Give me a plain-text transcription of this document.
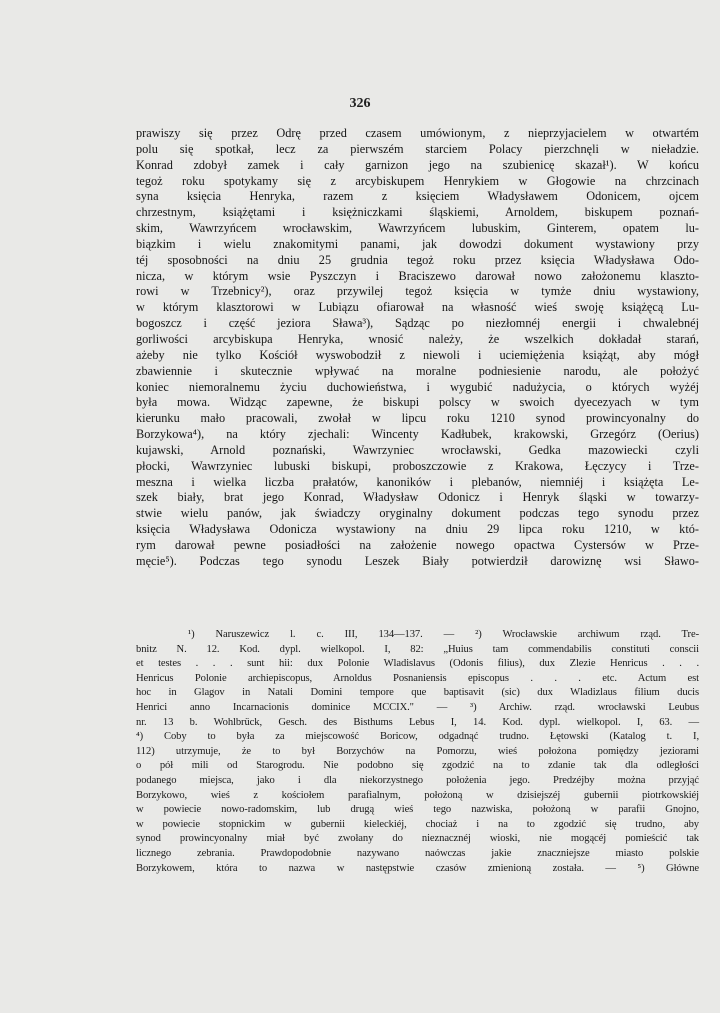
326
prawiszy się przez Odrę przed czasem umówionym, z nieprzyjacielem w otwartém
polu się spotkał, lecz za pierwszém starciem Polacy pierzchnęli w nieładzie.
Konrad zdobył zamek i cały garnizon jego na szubienicę skazał¹). W końcu
tegoż roku spotykamy się z arcybiskupem Henrykiem w Głogowie na chrzcinach
syna księcia Henryka, razem z księciem Władysławem Odonicem, ojcem
chrzestnym, książętami i księżniczkami śląskiemi, Arnoldem, biskupem poznań-
skim, Wawrzyńcem wrocławskim, Wawrzyńcem lubuskim, Ginterem, opatem lu-
biązkim i wielu znakomitymi panami, jak dowodzi dokument wystawiony przy
téj sposobności na dniu 25 grudnia tegoż roku przez księcia Władysława Odo-
nicza, w którym wsie Pyszczyn i Braciszewo darował nowo założonemu klaszto-
rowi w Trzebnicy²), oraz przywilej tegoż księcia w tymże dniu wystawiony,
w którym klasztorowi w Lubiązu ofiarował na własność wieś swoję książęcą Lu-
bogoszcz i część jeziora Sława³), Sądząc po niezłomnéj energii i chwalebnéj
gorliwości arcybiskupa Henryka, wnosić należy, że wszelkich dokładał starań,
ażeby nie tylko Kościół wyswobodził z niewoli i uciemiężenia książąt, aby mógł
zbawiennie i skutecznie wpływać na moralne podniesienie narodu, ale położyć
koniec niemoralnemu życiu duchowieństwa, i wygubić nadużycia, o których wyżéj
była mowa. Widząc zapewne, że biskupi polscy w swoich dyecezyach w tym
kierunku mało pracowali, zwołał w lipcu roku 1210 synod prowincyonalny do
Borzykowa⁴), na który zjechali: Wincenty Kadłubek, krakowski, Grzegórz (Oerius)
kujawski, Arnold poznański, Wawrzyniec wrocławski, Gedka mazowiecki czyli
płocki, Wawrzyniec lubuski biskupi, proboszczowie z Krakowa, Łęczycy i Trze-
meszna i wielka liczba prałatów, kanoników i plebanów, niemniéj i książęta Le-
szek biały, brat jego Konrad, Władysław Odonicz i Henryk śląski w towarzy-
stwie wielu panów, jak świadczy oryginalny dokument podczas tego synodu przez
księcia Władysława Odonicza wystawiony na dniu 29 lipca roku 1210, w któ-
rym darował pewne posiadłości na założenie nowego opactwa Cystersów w Prze-
męcie⁵). Podczas tego synodu Leszek Biały potwierdził darowiznę wsi Sławo-
¹) Naruszewicz l. c. III, 134—137. — ²) Wrocławskie archiwum rząd. Tre-
bnitz N. 12. Kod. dypl. wielkopol. I, 82: „Huius tam commendabilis constituti conscii
et testes . . . sunt hii: dux Polonie Wladislavus (Odonis filius), dux Zlezie Henricus . . .
Henricus Polonie archiepiscopus, Arnoldus Posnaniensis episcopus . . . etc. Actum est
hoc in Glagov in Natali Domini tempore que baptisavit (sic) dux Wladizlaus filium ducis
Henrici anno Incarnacionis dominice MCCIX." — ³) Archiw. rząd. wrocławski Leubus
nr. 13 b. Wohlbrück, Gesch. des Bisthums Lebus I, 14. Kod. dypl. wielkopol. I, 63. —
⁴) Coby to była za miejscowość Boricow, odgadnąć trudno. Łętowski (Katalog t. I,
112) utrzymuje, że to był Borzychów na Pomorzu, wieś położona pomiędzy jeziorami
o pół mili od Starogrodu. Nie podobno się zgodzić na to zdanie tak dla odległości
podanego miejsca, jako i dla niekorzystnego położenia jego. Predzéjby można przyjąć
Borzykowo, wieś z kościołem parafialnym, położoną w dzisiejszéj gubernii piotrkowskiéj
w powiecie nowo-radomskim, lub drugą wieś tego nazwiska, położoną w parafii Gnojno,
w powiecie stopnickim w gubernii kieleckiéj, chociaż i na to zgodzić się trudno, aby
synod prowincyonalny miał być zwołany do nieznacznéj wioski, nie mogącéj pomieścić tak
licznego zebrania. Prawdopodobnie nazywano naówczas jakie znaczniejsze miasto polskie
Borzykowem, która to nazwa w następstwie czasów zmienioną została. — ⁵) Główne
